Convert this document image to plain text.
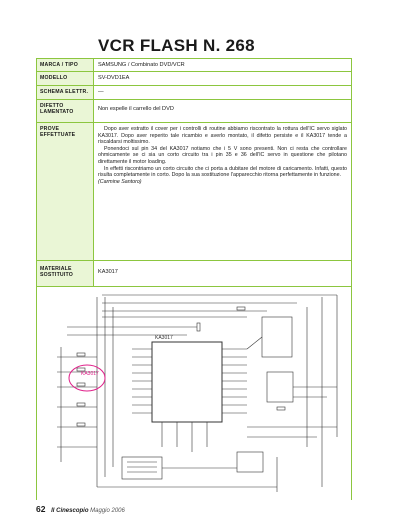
VCR FLASH N. 268
MARCA / TIPO	SAMSUNG / Combinato DVD/VCR
MODELLO	SV-DVD1EA
SCHEMA ELETTR.	—
DIFETTO LAMENTATO	Non espelle il carrello del DVD
PROVE EFFETTUATE

Dopo aver estratto il cover per i controlli di routine abbiamo riscontrato la rottura dell'IC servo siglato KA3017. Dopo aver reperito tale ricambio e averlo montato, il difetto persiste e il KA3017 tende a riscaldarsi moltissimo.

Ponendoci sul pin 34 del KA3017 notiamo che i 5 V sono presenti. Non ci resta che controllare ohmicamente se ci sia un corto circuito tra i pin 35 e 36 dell'IC servo in questione che pilotano direttamente il motor loading.

In effetti riscontriamo un corto circuito che ci porta a dubitare del motore di caricamento. Infatti, questo risulta completamente in corto. Dopo la sua sostituzione l'apparecchio ritorna perfettamente in funzione.

(Carmine Santoro)

MATERIALE SOSTITUITO	KA3017
KA3017
KA3017
62 Il Cinescopio Maggio 2006
